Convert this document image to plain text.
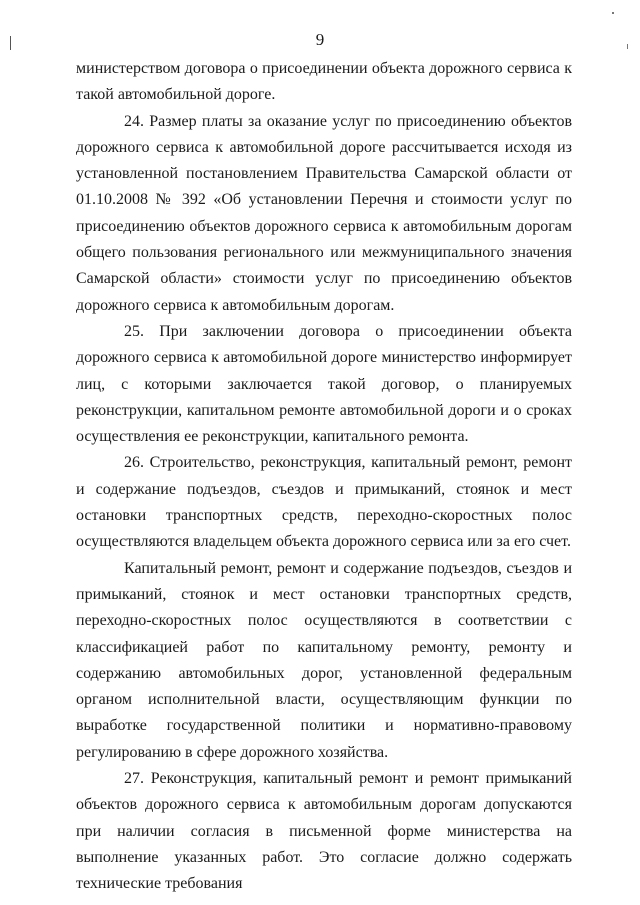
9

министерством договора о присоединении объекта дорожного сервиса к такой автомобильной дороге.

24. Размер платы за оказание услуг по присоединению объектов дорожного сервиса к автомобильной дороге рассчитывается исходя из установленной постановлением Правительства Самарской области от 01.10.2008 № 392 «Об установлении Перечня и стоимости услуг по присоединению объектов дорожного сервиса к автомобильным дорогам общего пользования регионального или межмуниципального значения Самарской области» стоимости услуг по присоединению объектов дорожного сервиса к автомобильным дорогам.

25. При заключении договора о присоединении объекта дорожного сервиса к автомобильной дороге министерство информирует лиц, с которыми заключается такой договор, о планируемых реконструкции, капитальном ремонте автомобильной дороги и о сроках осуществления ее реконструкции, капитального ремонта.

26. Строительство, реконструкция, капитальный ремонт, ремонт и содержание подъездов, съездов и примыканий, стоянок и мест остановки транспортных средств, переходно-скоростных полос осуществляются владельцем объекта дорожного сервиса или за его счет.

Капитальный ремонт, ремонт и содержание подъездов, съездов и примыканий, стоянок и мест остановки транспортных средств, переходно-скоростных полос осуществляются в соответствии с классификацией работ по капитальному ремонту, ремонту и содержанию автомобильных дорог, установленной федеральным органом исполнительной власти, осуществляющим функции по выработке государственной политики и нормативно-правовому регулированию в сфере дорожного хозяйства.

27. Реконструкция, капитальный ремонт и ремонт примыканий объектов дорожного сервиса к автомобильным дорогам допускаются при наличии согласия в письменной форме министерства на выполнение указанных работ. Это согласие должно содержать технические требования
